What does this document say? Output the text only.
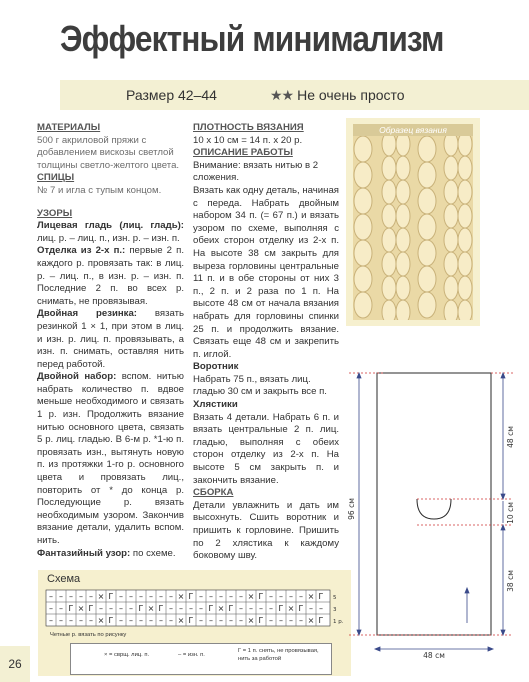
Эффектный минимализм
Размер 42–44	★★ Не очень просто

МАТЕРИАЛЫ

500 г акриловой пряжи с добавлением вискозы светлой толщины светло-желтого цвета.

СПИЦЫ

№ 7 и игла с тупым концом.

УЗОРЫ

Лицевая гладь (лиц. гладь): лиц. р. – лиц. п., изн. р. – изн. п.

Отделка из 2-х п.: первые 2 п. каждого р. провязать так: в лиц. р. – лиц. п., в изн. р. – изн. п. Последние 2 п. во всех р. снимать, не провязывая.

Двойная резинка: вязать резинкой 1 × 1, при этом в лиц. и изн. р. лиц. п. провязывать, а изн. п. снимать, оставляя нить перед работой.

Двойной набор: вспом. нитью набрать количество п. вдвое меньше необходимого и связать 1 р. изн. Продолжить вязание нитью основного цвета, связать 5 р. лиц. гладью. В 6-м р. *1-ю п. провязать изн., вытянуть новую п. из протяжки 1-го р. основного цвета и провязать лиц., повторить от * до конца р. Последующие р. вязать необходимым узором. Закончив вязание детали, удалить вспом. нить.

Фантазийный узор: по схеме.

ПЛОТНОСТЬ ВЯЗАНИЯ

10 х 10 см = 14 п. х 20 р.

ОПИСАНИЕ РАБОТЫ

Внимание: вязать нитью в 2 сложения.

Вязать как одну деталь, начиная с переда. Набрать двойным набором 34 п. (= 67 п.) и вязать узором по схеме, выполняя с обеих сторон отделку из 2-х п. На высоте 38 см закрыть для выреза горловины центральные 11 п. и в обе стороны от них 3 п., 2 п. и 2 раза по 1 п. На высоте 48 см от начала вязания набрать для горловины спинки 25 п. и продолжить вязание. Связать еще 48 см и закрепить п. иглой.

Воротник

Набрать 75 п., вязать лиц. гладью 30 см и закрыть все п.

Хлястики

Вязать 4 детали. Набрать 6 п. и вязать центральные 2 п. лиц. гладью, выполняя с обеих сторон отделку из 2-х п. На высоте 5 см закрыть п. и закончить вязание.

СБОРКА

Детали увлажнить и дать им высохнуть. Сшить воротник и пришить к горловине. Пришить по 2 хлястика к каждому боковому шву.

Образец вязания
Схема
– – – – – × Г – – – – – – × Г – – – – – × Г – – – – × Г
– – Г × Г – – – – Г × Г – – – – Г × Г – – – – Г × Г – –
– – – – – × Г – – – – – – × Г – – – – – × Г – – – – × Г
5
3
1 р.
Четные р. вязать по рисунку
× = сврщ. лиц. п.	– = изн. п.
Г = 1 п. снять, не провязывая, нить за работой
26
96 см
48 см
10 см
38 см
48 см
